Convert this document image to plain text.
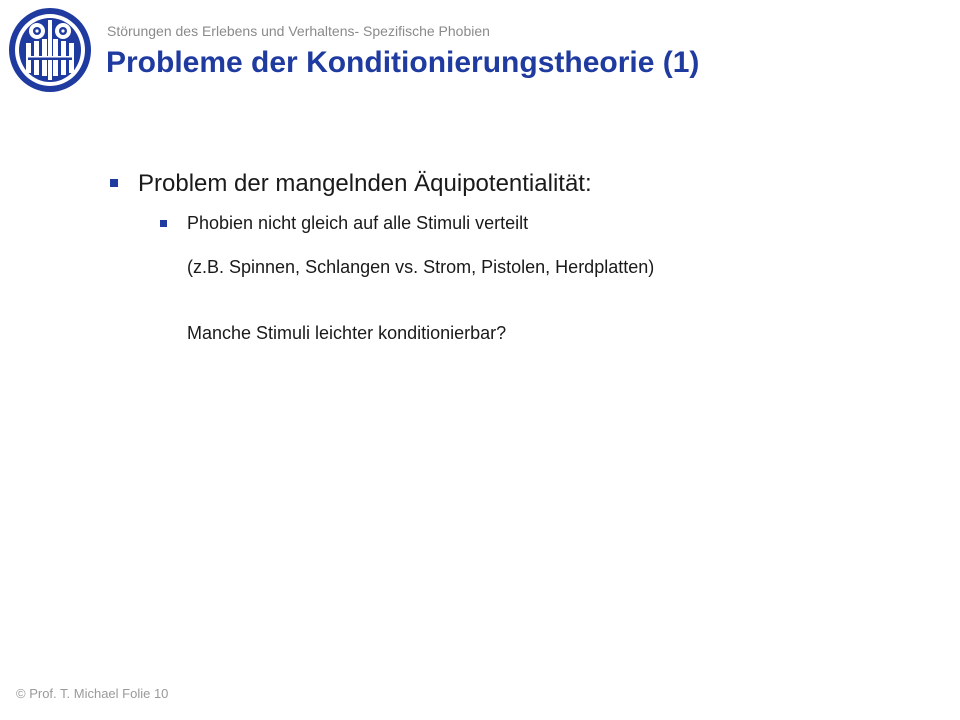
Störungen des Erlebens und Verhaltens- Spezifische Phobien
Probleme der Konditionierungstheorie (1)
Problem der mangelnden Äquipotentialität:
Phobien nicht gleich auf alle Stimuli verteilt
(z.B. Spinnen, Schlangen vs. Strom, Pistolen, Herdplatten)
Manche Stimuli leichter konditionierbar?
© Prof. T. Michael Folie 10
